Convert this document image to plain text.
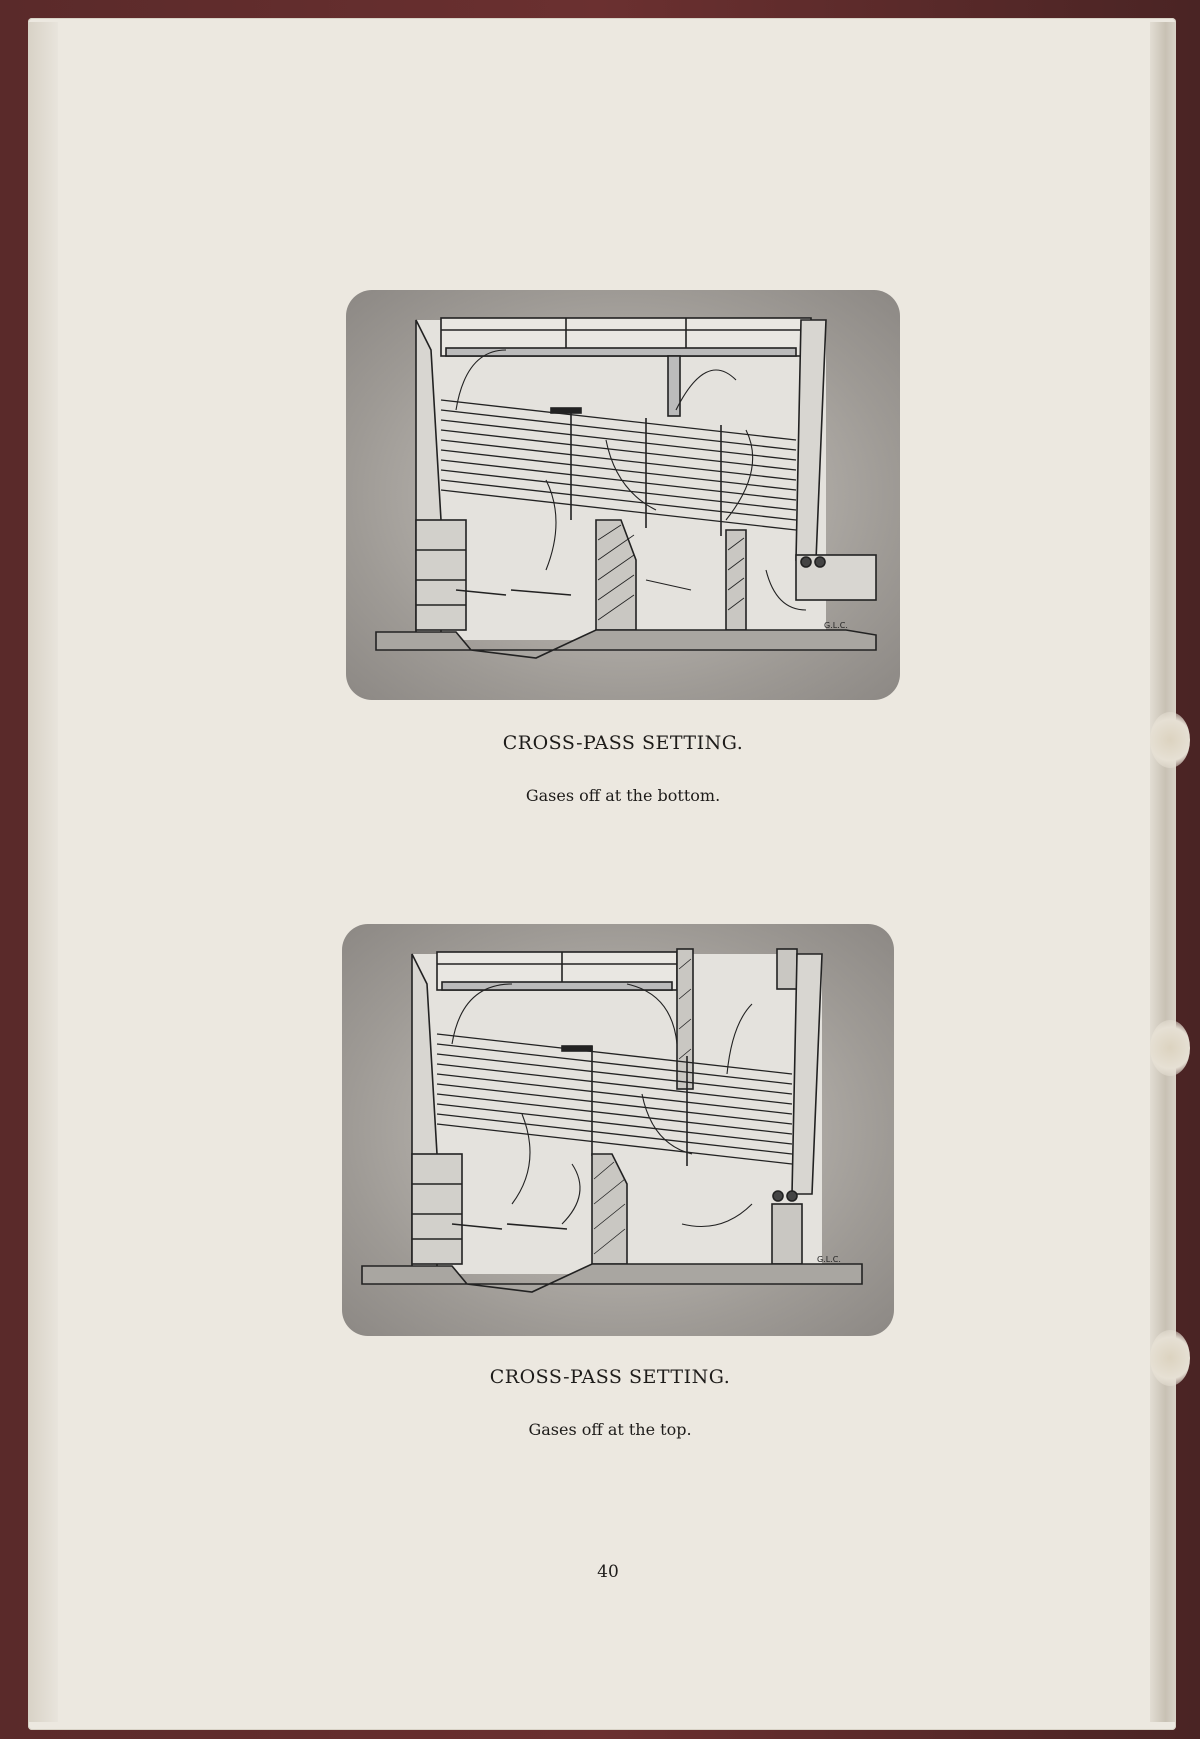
G.L.C.
CROSS-PASS SETTING.
Gases off at the bottom.
G.L.C.
CROSS-PASS SETTING.
Gases off at the top.
40
